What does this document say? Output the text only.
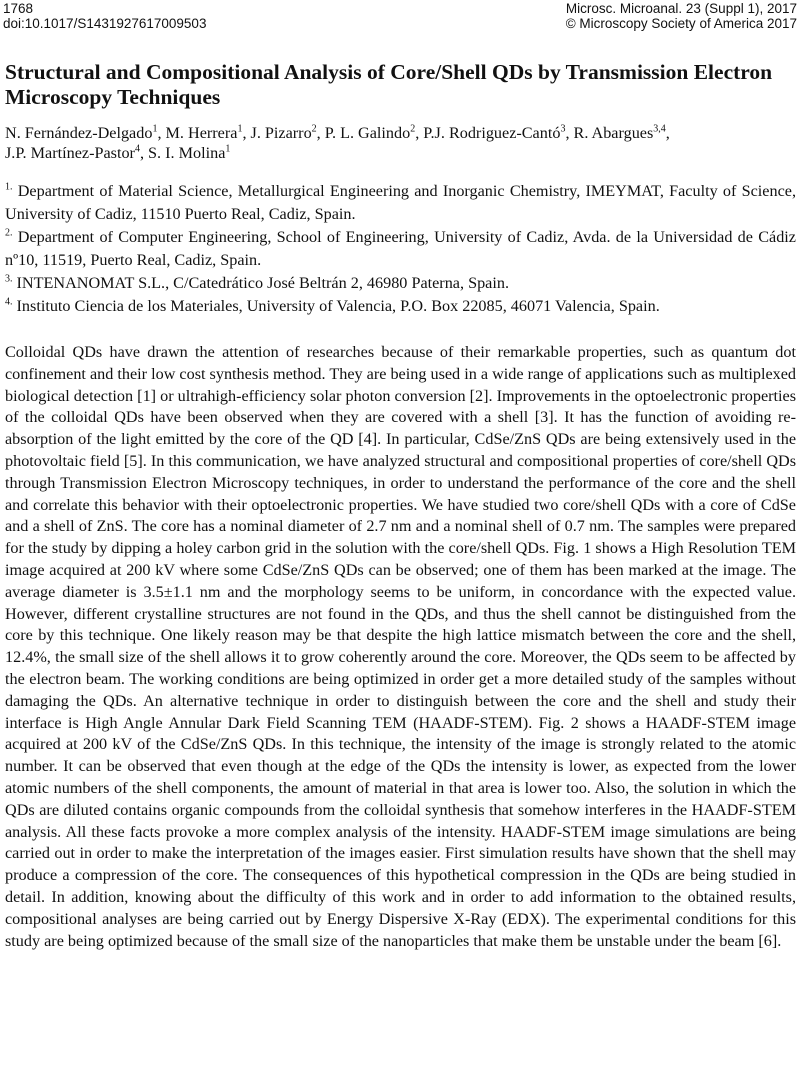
1768
doi:10.1017/S1431927617009503
Microsc. Microanal. 23 (Suppl 1), 2017
© Microscopy Society of America 2017
Structural and Compositional Analysis of Core/Shell QDs by Transmission Electron Microscopy Techniques
N. Fernández-Delgado$^1$, M. Herrera$^1$, J. Pizarro$^2$, P. L. Galindo$^2$, P.J. Rodriguez-Cantó$^3$, R. Abargues$^{3,4}$,
J.P. Martínez-Pastor$^4$, S. I. Molina$^1$

$^{1.}$ Department of Material Science, Metallurgical Engineering and Inorganic Chemistry, IMEYMAT, Faculty of Science, University of Cadiz, 11510 Puerto Real, Cadiz, Spain.

$^{2.}$ Department of Computer Engineering, School of Engineering, University of Cadiz, Avda. de la Universidad de Cádiz nº10, 11519, Puerto Real, Cadiz, Spain.

$^{3.}$ INTENANOMAT S.L., C/Catedrático José Beltrán 2, 46980 Paterna, Spain.

$^{4.}$ Instituto Ciencia de los Materiales, University of Valencia, P.O. Box 22085, 46071 Valencia, Spain.

Colloidal QDs have drawn the attention of researches because of their remarkable properties, such as quantum dot confinement and their low cost synthesis method. They are being used in a wide range of applications such as multiplexed biological detection [1] or ultrahigh-efficiency solar photon conversion [2]. Improvements in the optoelectronic properties of the colloidal QDs have been observed when they are covered with a shell [3]. It has the function of avoiding re-absorption of the light emitted by the core of the QD [4]. In particular, CdSe/ZnS QDs are being extensively used in the photovoltaic field [5]. In this communication, we have analyzed structural and compositional properties of core/shell QDs through Transmission Electron Microscopy techniques, in order to understand the performance of the core and the shell and correlate this behavior with their optoelectronic properties. We have studied two core/shell QDs with a core of CdSe and a shell of ZnS. The core has a nominal diameter of 2.7 nm and a nominal shell of 0.7 nm. The samples were prepared for the study by dipping a holey carbon grid in the solution with the core/shell QDs. Fig. 1 shows a High Resolution TEM image acquired at 200 kV where some CdSe/ZnS QDs can be observed; one of them has been marked at the image. The average diameter is 3.5±1.1 nm and the morphology seems to be uniform, in concordance with the expected value. However, different crystalline structures are not found in the QDs, and thus the shell cannot be distinguished from the core by this technique. One likely reason may be that despite the high lattice mismatch between the core and the shell, 12.4%, the small size of the shell allows it to grow coherently around the core. Moreover, the QDs seem to be affected by the electron beam. The working conditions are being optimized in order get a more detailed study of the samples without damaging the QDs. An alternative technique in order to distinguish between the core and the shell and study their interface is High Angle Annular Dark Field Scanning TEM (HAADF-STEM). Fig. 2 shows a HAADF-STEM image acquired at 200 kV of the CdSe/ZnS QDs. In this technique, the intensity of the image is strongly related to the atomic number. It can be observed that even though at the edge of the QDs the intensity is lower, as expected from the lower atomic numbers of the shell components, the amount of material in that area is lower too. Also, the solution in which the QDs are diluted contains organic compounds from the colloidal synthesis that somehow interferes in the HAADF-STEM analysis. All these facts provoke a more complex analysis of the intensity. HAADF-STEM image simulations are being carried out in order to make the interpretation of the images easier. First simulation results have shown that the shell may produce a compression of the core. The consequences of this hypothetical compression in the QDs are being studied in detail. In addition, knowing about the difficulty of this work and in order to add information to the obtained results, compositional analyses are being carried out by Energy Dispersive X-Ray (EDX). The experimental conditions for this study are being optimized because of the small size of the nanoparticles that make them be unstable under the beam [6].
